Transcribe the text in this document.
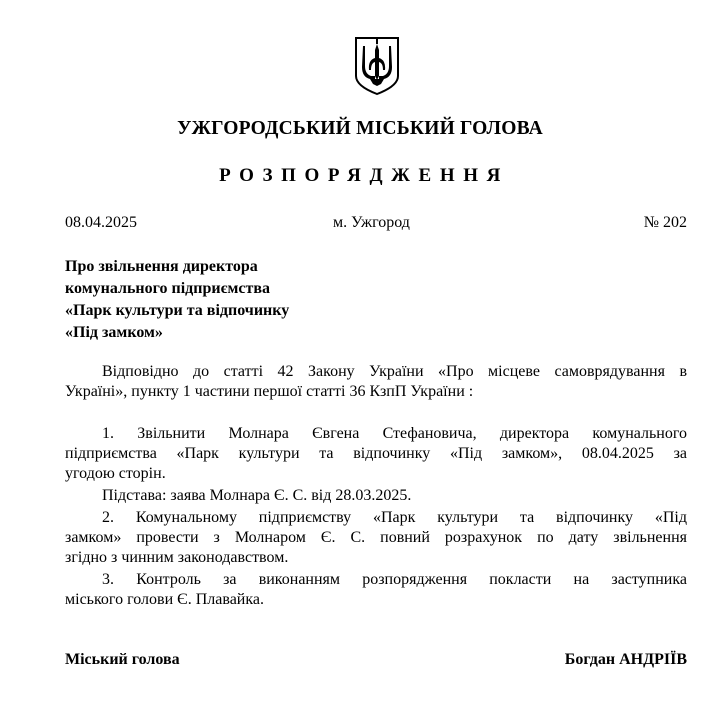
УЖГОРОДСЬКИЙ МІСЬКИЙ ГОЛОВА
РОЗПОРЯДЖЕННЯ
08.04.2025	м. Ужгород	№ 202
Про звільнення директора
комунального підприємства
«Парк культури та відпочинку
«Під замком»
Відповідно до статті 42 Закону України «Про місцеве самоврядування в
Україні», пункту 1 частини першої статті 36 КзпП України :
1. Звільнити Молнара Євгена Стефановича, директора комунального
підприємства «Парк культури та відпочинку «Під замком», 08.04.2025 за
угодою сторін.
Підстава: заява Молнара Є. С. від 28.03.2025.
2. Комунальному підприємству «Парк культури та відпочинку «Під
замком» провести з Молнаром Є. С. повний розрахунок по дату звільнення
згідно з чинним законодавством.
3. Контроль за виконанням розпорядження покласти на заступника
міського голови Є. Плавайка.
Міський голова	Богдан АНДРІЇВ
